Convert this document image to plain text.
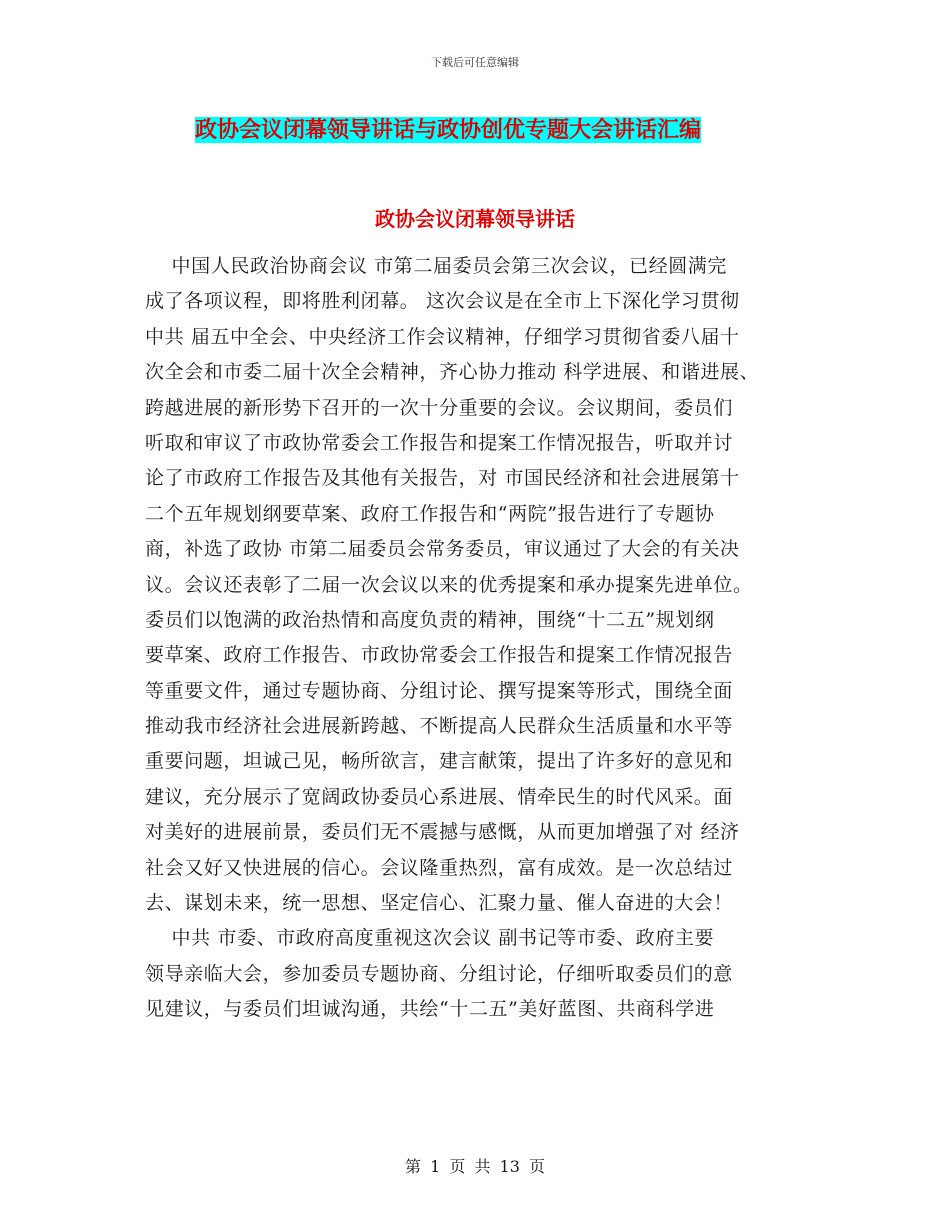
下载后可任意编辑
政协会议闭幕领导讲话与政协创优专题大会讲话汇编
政协会议闭幕领导讲话
中国人民政治协商会议 市第二届委员会第三次会议，已经圆满完
成了各项议程，即将胜利闭幕。 这次会议是在全市上下深化学习贯彻
中共 届五中全会、中央经济工作会议精神，仔细学习贯彻省委八届十
次全会和市委二届十次全会精神，齐心协力推动 科学进展、和谐进展、
跨越进展的新形势下召开的一次十分重要的会议。会议期间，委员们
听取和审议了市政协常委会工作报告和提案工作情况报告，听取并讨
论了市政府工作报告及其他有关报告，对 市国民经济和社会进展第十
二个五年规划纲要草案、政府工作报告和“两院”报告进行了专题协
商，补选了政协 市第二届委员会常务委员，审议通过了大会的有关决
议。会议还表彰了二届一次会议以来的优秀提案和承办提案先进单位。
委员们以饱满的政治热情和高度负责的精神，围绕“十二五”规划纲
要草案、政府工作报告、市政协常委会工作报告和提案工作情况报告
等重要文件，通过专题协商、分组讨论、撰写提案等形式，围绕全面
推动我市经济社会进展新跨越、不断提高人民群众生活质量和水平等
重要问题，坦诚己见，畅所欲言，建言献策，提出了许多好的意见和
建议，充分展示了宽阔政协委员心系进展、情牵民生的时代风采。面
对美好的进展前景，委员们无不震撼与感慨，从而更加增强了对 经济
社会又好又快进展的信心。会议隆重热烈，富有成效。是一次总结过
去、谋划未来，统一思想、坚定信心、汇聚力量、催人奋进的大会！
中共 市委、市政府高度重视这次会议 副书记等市委、政府主要
领导亲临大会，参加委员专题协商、分组讨论，仔细听取委员们的意
见建议，与委员们坦诚沟通，共绘“十二五”美好蓝图、共商科学进
第 1 页 共 13 页
